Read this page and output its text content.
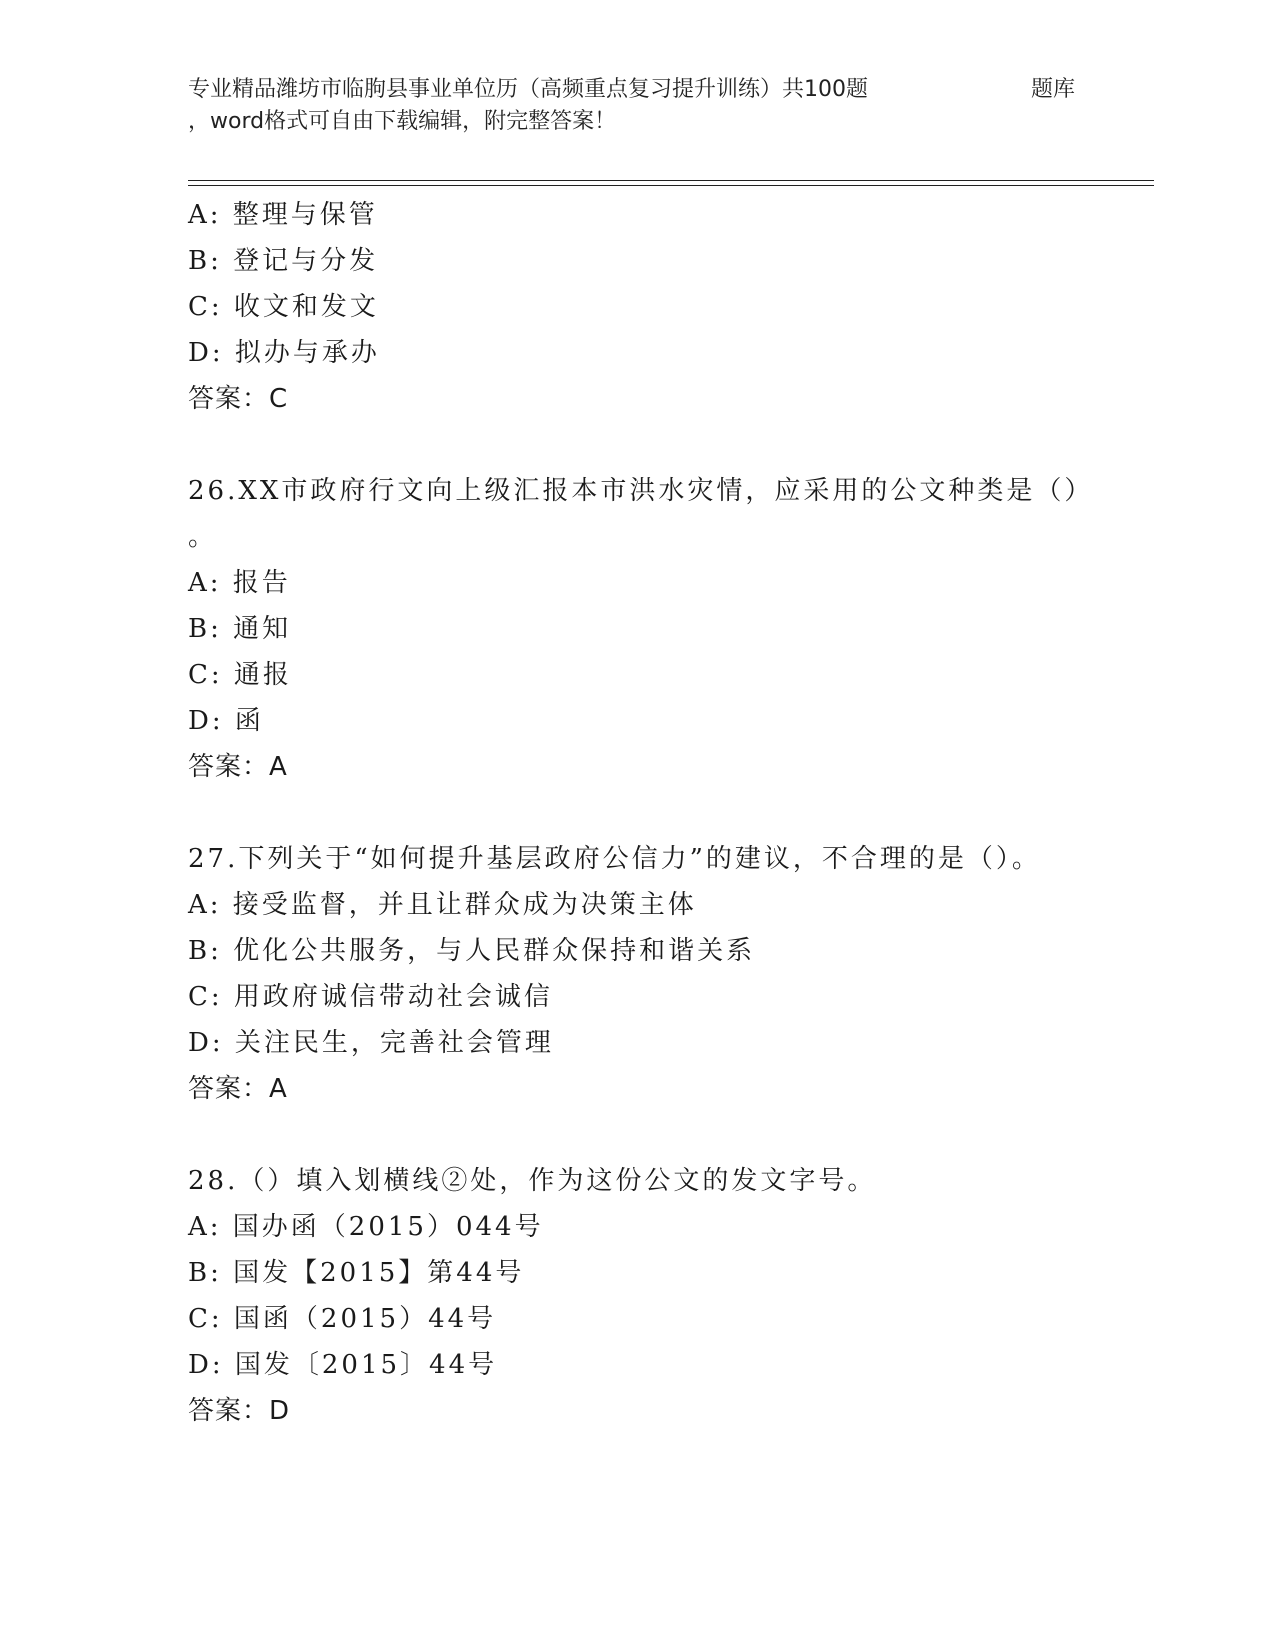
专业精品潍坊市临朐县事业单位历（高频重点复习提升训练）共100题	题库
，word格式可自由下载编辑，附完整答案！
A: 整理与保管
B: 登记与分发
C: 收文和发文
D: 拟办与承办
答案：C
26.XX市政府行文向上级汇报本市洪水灾情，应采用的公文种类是（）
。
A: 报告
B: 通知
C: 通报
D: 函
答案：A
27.下列关于“如何提升基层政府公信力”的建议，不合理的是（）。
A: 接受监督，并且让群众成为决策主体
B: 优化公共服务，与人民群众保持和谐关系
C: 用政府诚信带动社会诚信
D: 关注民生，完善社会管理
答案：A
28.（）填入划横线②处，作为这份公文的发文字号。
A: 国办函（2015）044号
B: 国发【2015】第44号
C: 国函（2015）44号
D: 国发〔2015〕44号
答案：D
